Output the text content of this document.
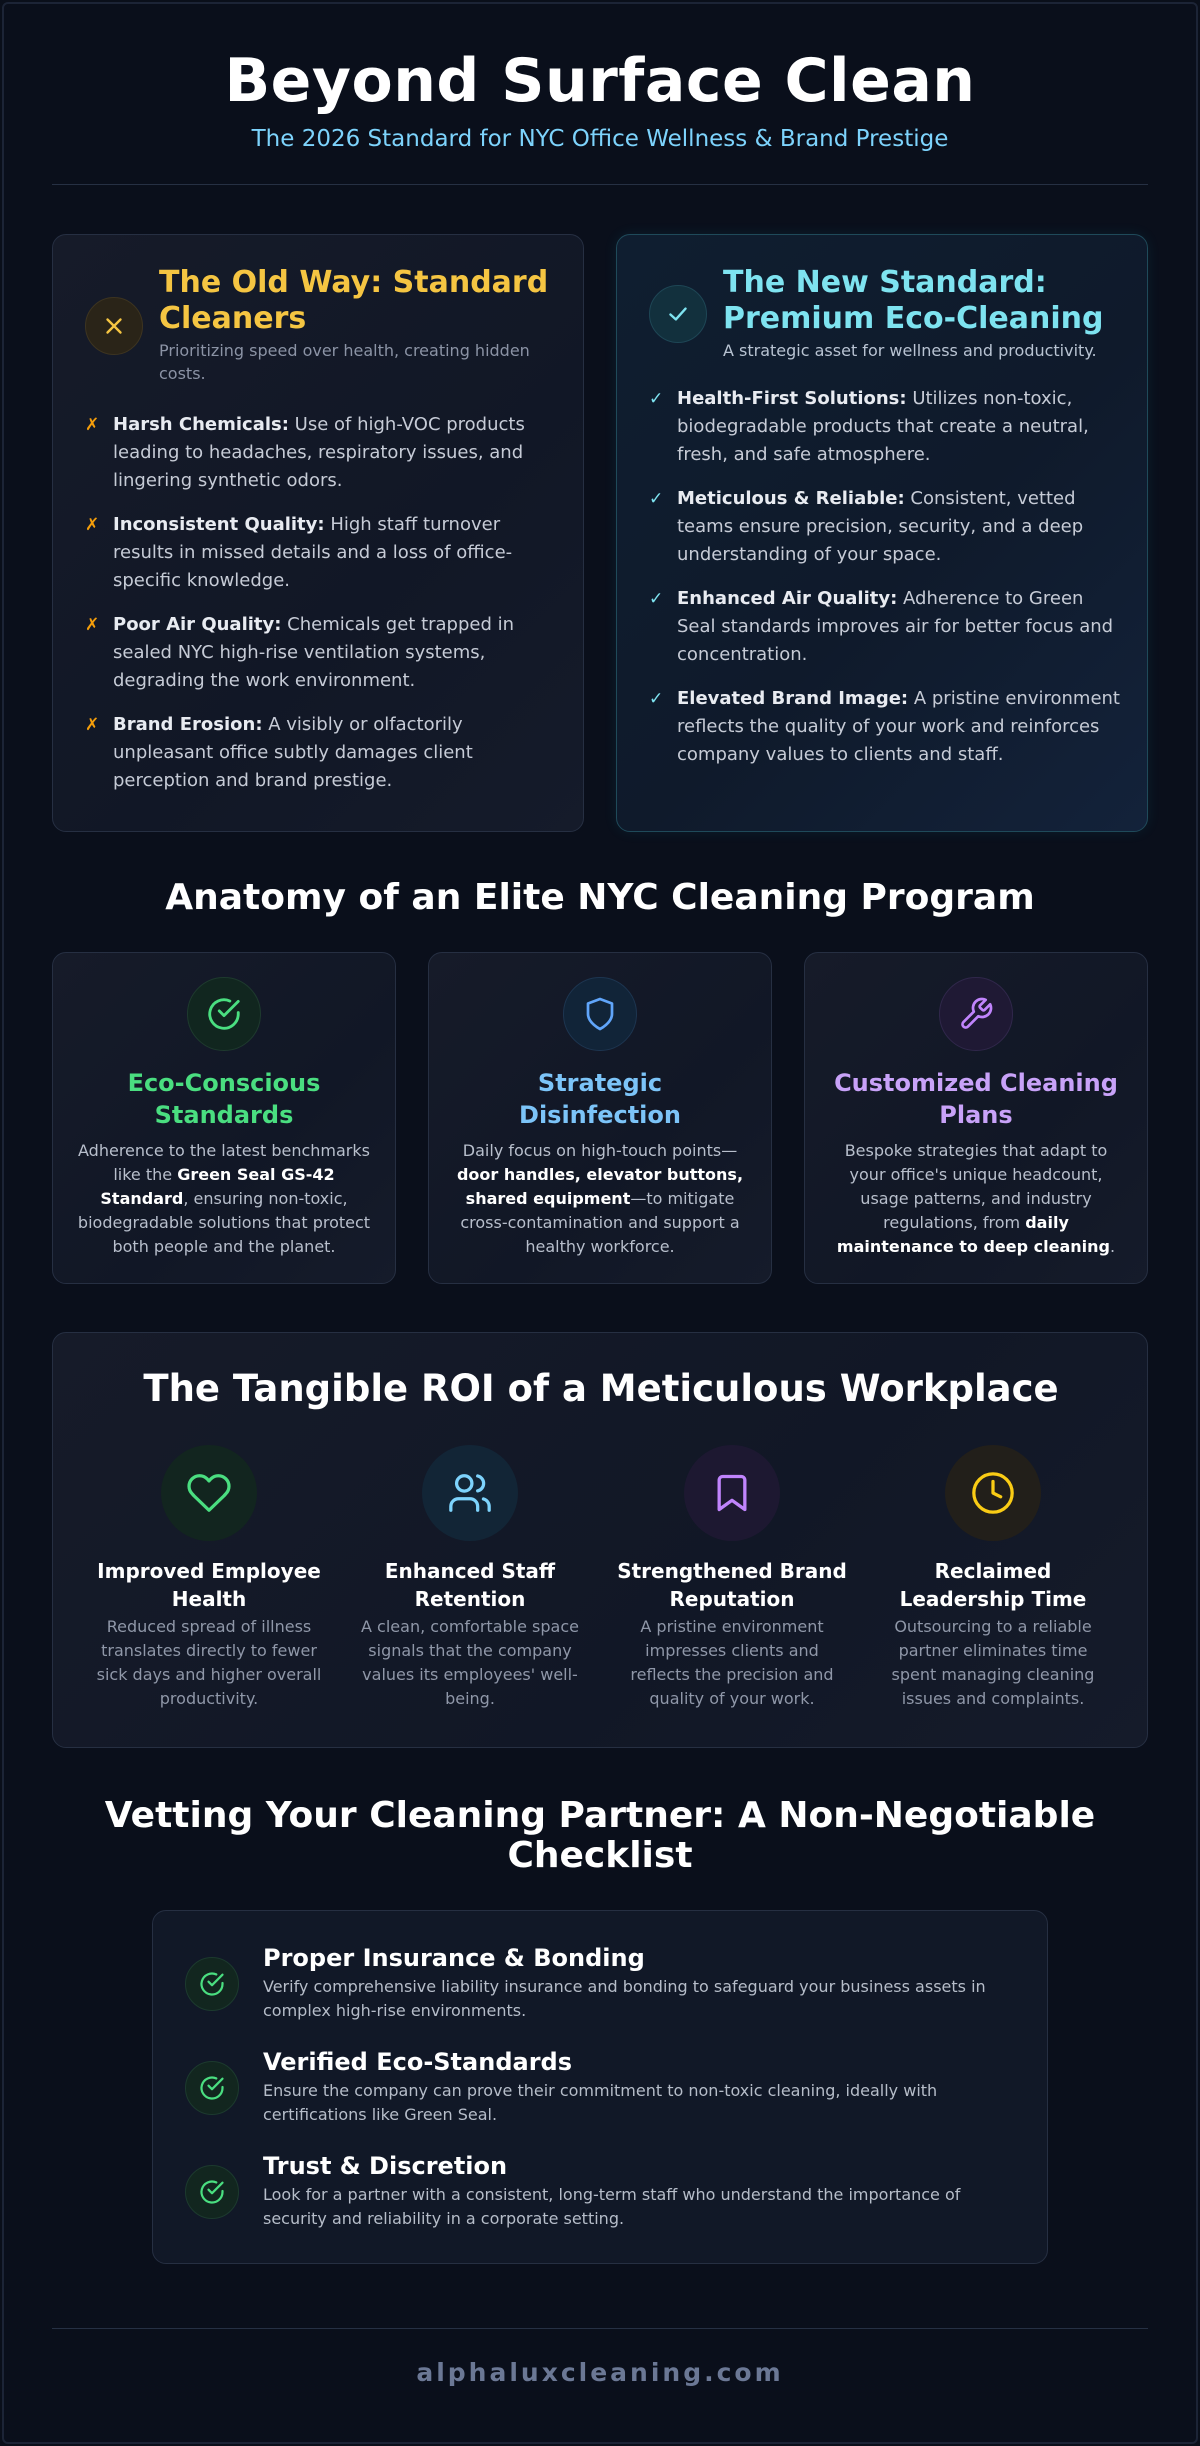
Beyond Surface Clean

The 2026 Standard for NYC Office Wellness & Brand Prestige

The Old Way: Standard
Cleaners
Prioritizing speed over health, creating hidden
costs.
✗ Harsh Chemicals: Use of high-VOC products leading to headaches, respiratory issues, and lingering synthetic odors.
✗ Inconsistent Quality: High staff turnover results in missed details and a loss of office-specific knowledge.
✗ Poor Air Quality: Chemicals get trapped in sealed NYC high-rise ventilation systems, degrading the work environment.
✗ Brand Erosion: A visibly or olfactorily unpleasant office subtly damages client perception and brand prestige.
The New Standard:
Premium Eco-Cleaning
A strategic asset for wellness and productivity.
✓ Health-First Solutions: Utilizes non-toxic, biodegradable products that create a neutral, fresh, and safe atmosphere.
✓ Meticulous & Reliable: Consistent, vetted teams ensure precision, security, and a deep understanding of your space.
✓ Enhanced Air Quality: Adherence to Green Seal standards improves air for better focus and concentration.
✓ Elevated Brand Image: A pristine environment reflects the quality of your work and reinforces company values to clients and staff.
Anatomy of an Elite NYC Cleaning Program
Eco-Conscious
Standards

Adherence to the latest benchmarks like the Green Seal GS-42 Standard, ensuring non-toxic, biodegradable solutions that protect both people and the planet.

Strategic
Disinfection

Daily focus on high-touch points—door handles, elevator buttons, shared equipment—to mitigate cross-contamination and support a healthy workforce.

Customized Cleaning
Plans

Bespoke strategies that adapt to your office's unique headcount, usage patterns, and industry regulations, from daily maintenance to deep cleaning.

The Tangible ROI of a Meticulous Workplace
Improved Employee Health

Reduced spread of illness translates directly to fewer sick days and higher overall productivity.

Enhanced Staff Retention

A clean, comfortable space signals that the company values its employees' well-being.

Strengthened Brand Reputation

A pristine environment impresses clients and reflects the precision and quality of your work.

Reclaimed Leadership Time

Outsourcing to a reliable partner eliminates time spent managing cleaning issues and complaints.

Vetting Your Cleaning Partner: A Non-Negotiable
Checklist
Proper Insurance & Bonding

Verify comprehensive liability insurance and bonding to safeguard your business assets in complex high-rise environments.

Verified Eco-Standards

Ensure the company can prove their commitment to non-toxic cleaning, ideally with certifications like Green Seal.

Trust & Discretion

Look for a partner with a consistent, long-term staff who understand the importance of security and reliability in a corporate setting.

alphaluxcleaning.com
